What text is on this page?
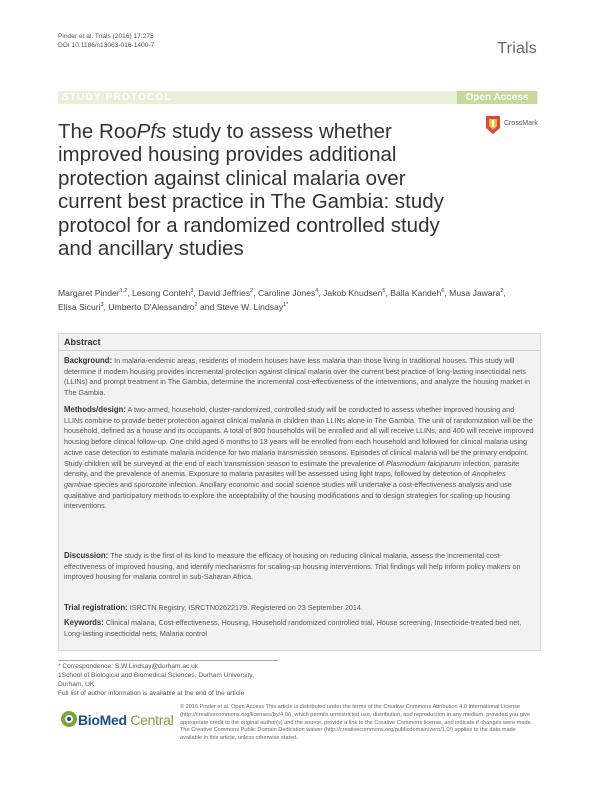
Pinder et al. Trials (2016) 17:275
DOI 10.1186/s13063-016-1400-7	Trials
STUDY PROTOCOL	Open Access
The RooPfs study to assess whether improved housing provides additional protection against clinical malaria over current best practice in The Gambia: study protocol for a randomized controlled study and ancillary studies
CrossMark
Margaret Pinder$^{1,2}$, Lesong Conteh$^3$, David Jeffries$^2$, Caroline Jones$^4$, Jakob Knudsen$^5$, Balla Kandeh$^6$, Musa Jawara$^2$,
Elisa Sicuri$^3$, Umberto D'Alessandro$^2$ and Steve W. Lindsay$^{1*}$
Abstract
Background: In malaria-endemic areas, residents of modern houses have less malaria than those living in traditional houses. This study will determine if modern housing provides incremental protection against clinical malaria over the current best practice of long-lasting insecticidal nets (LLINs) and prompt treatment in The Gambia, determine the incremental cost-effectiveness of the interventions, and analyze the housing market in The Gambia.
Methods/design: A two-armed, household, cluster-randomized, controlled study will be conducted to assess whether improved housing and LLINs combine to provide better protection against clinical malaria in children than LLINs alone in The Gambia. The unit of randomization will be the household, defined as a house and its occupants. A total of 800 households will be enrolled and all will receive LLINs, and 400 will receive improved housing before clinical follow-up. One child aged 6 months to 13 years will be enrolled from each household and followed for clinical malaria using active case detection to estimate malaria incidence for two malaria transmission seasons. Episodes of clinical malaria will be the primary endpoint. Study children will be surveyed at the end of each transmission season to estimate the prevalence of Plasmodium falciparum infection, parasite density, and the prevalence of anemia. Exposure to malaria parasites will be assessed using light traps, followed by detection of Anopheles gambiae species and sporozoite infection. Ancillary economic and social science studies will undertake a cost-effectiveness analysis and use qualitative and participatory methods to explore the acceptability of the housing modifications and to design strategies for scaling-up housing interventions.
Discussion: The study is the first of its kind to measure the efficacy of housing on reducing clinical malaria, assess the incremental cost-effectiveness of improved housing, and identify mechanisms for scaling-up housing interventions. Trial findings will help inform policy makers on improved housing for malaria control in sub-Saharan Africa.
Trial registration: ISRCTN Registry, ISRCTN02622179. Registered on 23 September 2014.
Keywords: Clinical malaria, Cost-effectiveness, Housing, Household randomized controlled trial, House screening, Insecticide-treated bed net, Long-lasting insecticidal nets, Malaria control
* Correspondence: S.W.Lindsay@durham.ac.uk
1School of Biological and Biomedical Sciences, Durham University, Durham, UK
Full list of author information is available at the end of the article
BioMed Central
© 2016 Pinder et al. Open Access This article is distributed under the terms of the Creative Commons Attribution 4.0 International License (http://creativecommons.org/licenses/by/4.0/), which permits unrestricted use, distribution, and reproduction in any medium, provided you give appropriate credit to the original author(s) and the source, provide a link to the Creative Commons license, and indicate if changes were made. The Creative Commons Public Domain Dedication waiver (http://creativecommons.org/publicdomain/zero/1.0/) applies to the data made available in this article, unless otherwise stated.
